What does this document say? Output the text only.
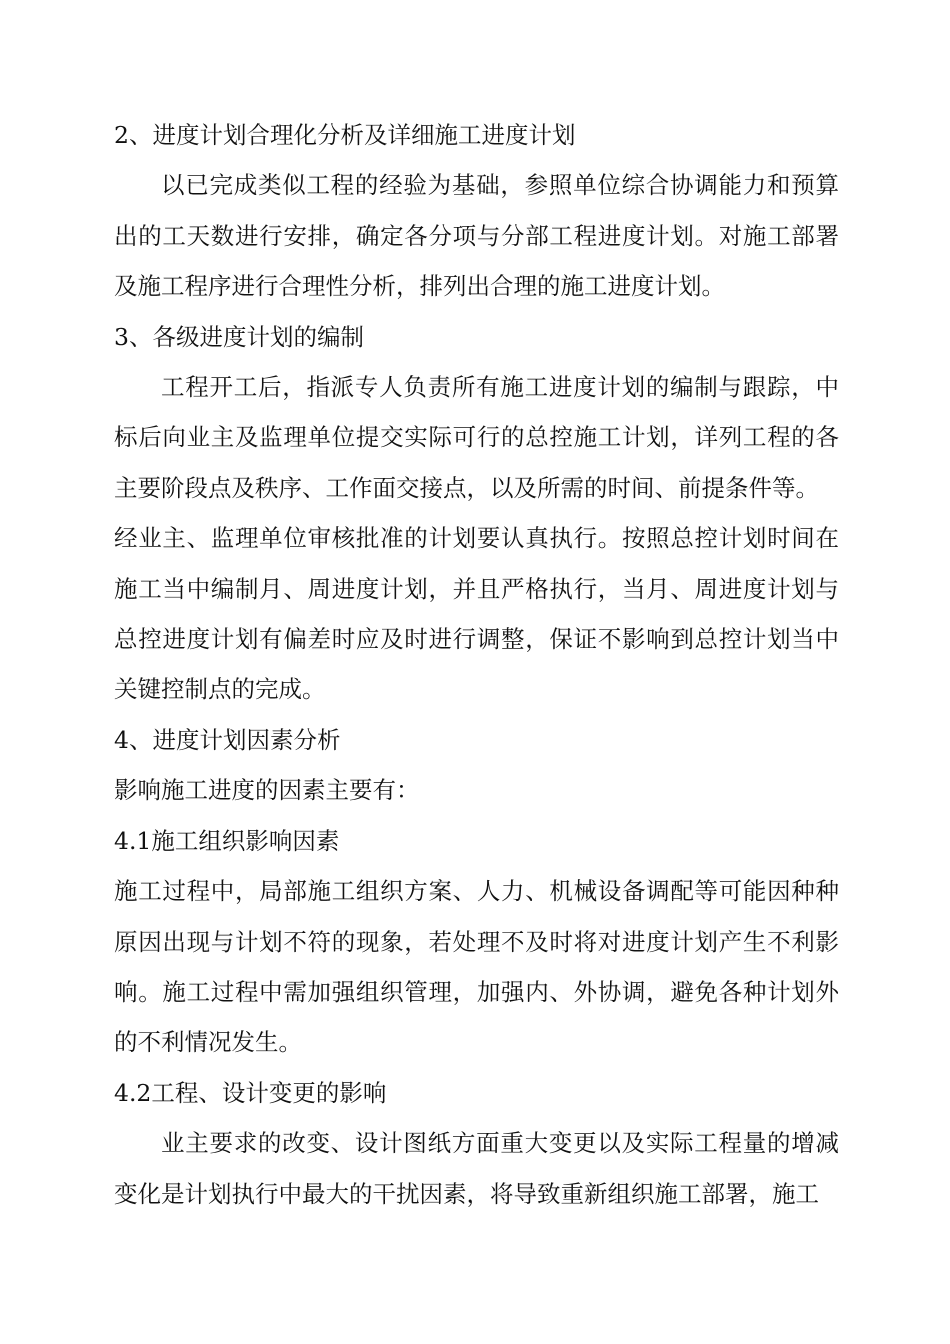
2、进度计划合理化分析及详细施工进度计划

以已完成类似工程的经验为基础，参照单位综合协调能力和预算出的工天数进行安排，确定各分项与分部工程进度计划。对施工部署及施工程序进行合理性分析，排列出合理的施工进度计划。

3、各级进度计划的编制

工程开工后，指派专人负责所有施工进度计划的编制与跟踪，中标后向业主及监理单位提交实际可行的总控施工计划，详列工程的各主要阶段点及秩序、工作面交接点，以及所需的时间、前提条件等。

经业主、监理单位审核批准的计划要认真执行。按照总控计划时间在施工当中编制月、周进度计划，并且严格执行，当月、周进度计划与总控进度计划有偏差时应及时进行调整，保证不影响到总控计划当中关键控制点的完成。

4、进度计划因素分析

影响施工进度的因素主要有：

4.1施工组织影响因素

施工过程中，局部施工组织方案、人力、机械设备调配等可能因种种原因出现与计划不符的现象，若处理不及时将对进度计划产生不利影响。施工过程中需加强组织管理，加强内、外协调，避免各种计划外的不利情况发生。

4.2工程、设计变更的影响

业主要求的改变、设计图纸方面重大变更以及实际工程量的增减变化是计划执行中最大的干扰因素，将导致重新组织施工部署，施工
